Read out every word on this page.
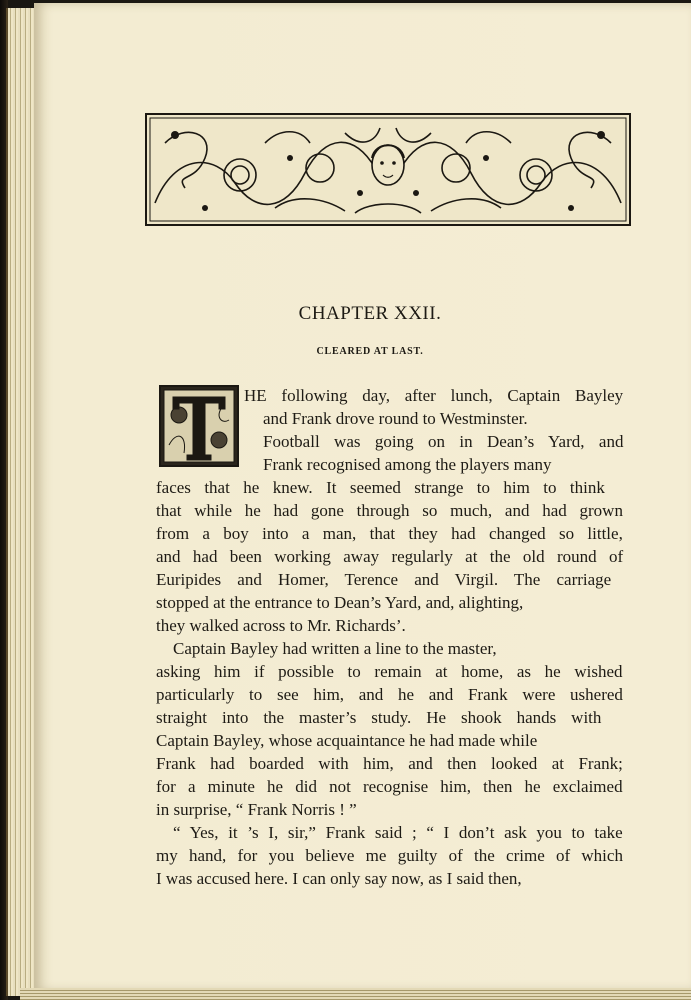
CHAPTER XXII.
CLEARED AT LAST.
HE following day, after lunch, Captain Bayley
and Frank drove round to Westminster.
Football was going on in Dean’s Yard, and
Frank recognised among the players many
faces that he knew. It seemed strange to him to think
that while he had gone through so much, and had grown
from a boy into a man, that they had changed so little,
and had been working away regularly at the old round of
Euripides and Homer, Terence and Virgil. The carriage
stopped at the entrance to Dean’s Yard, and, alighting,
they walked across to Mr. Richards’.
Captain Bayley had written a line to the master,
asking him if possible to remain at home, as he wished
particularly to see him, and he and Frank were ushered
straight into the master’s study. He shook hands with
Captain Bayley, whose acquaintance he had made while
Frank had boarded with him, and then looked at Frank;
for a minute he did not recognise him, then he exclaimed
in surprise, “ Frank Norris ! ”
“ Yes, it ’s I, sir,” Frank said ; “ I don’t ask you to take
my hand, for you believe me guilty of the crime of which
I was accused here. I can only say now, as I said then,
